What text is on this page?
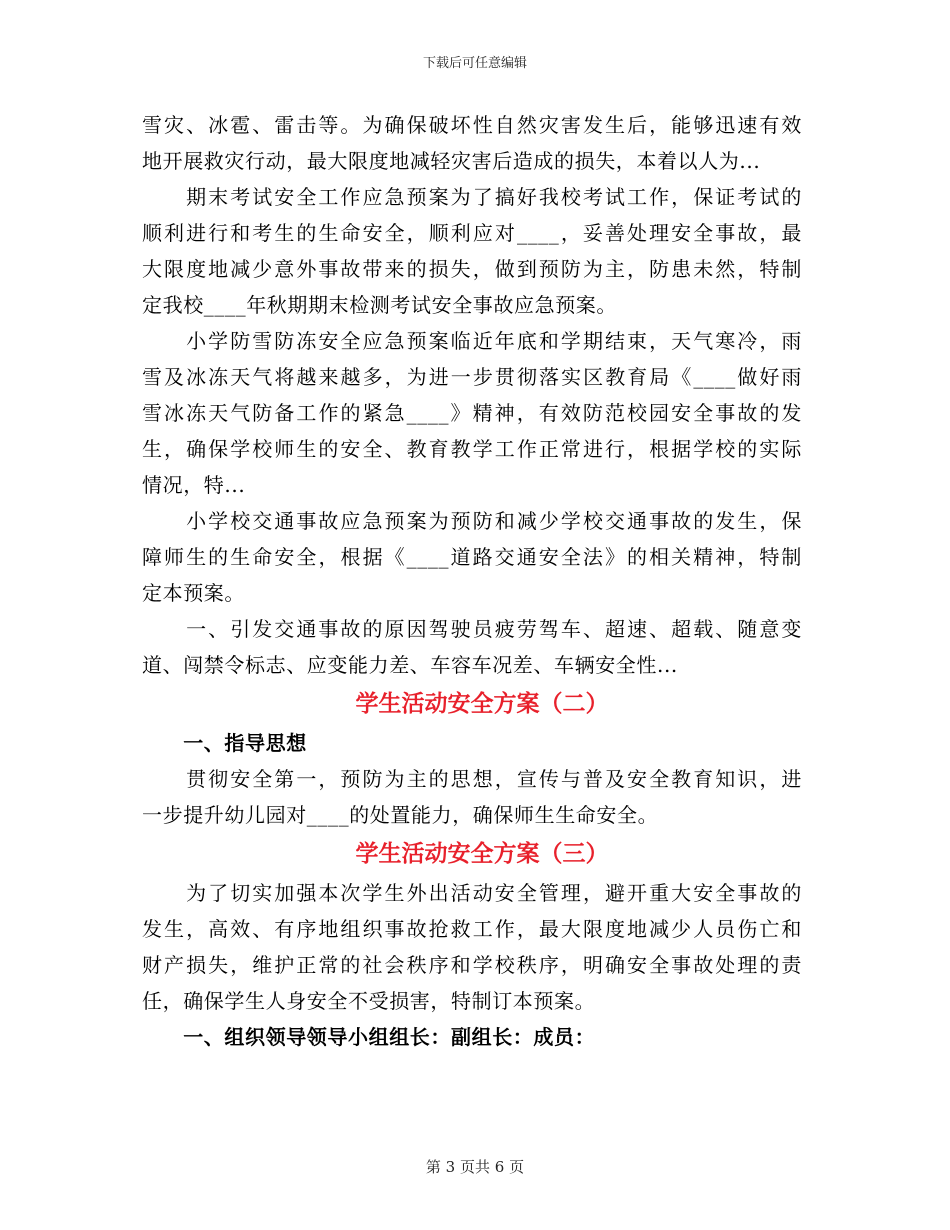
下载后可任意编辑
雪灾、冰雹、雷击等。为确保破坏性自然灾害发生后，能够迅速有效
地开展救灾行动，最大限度地减轻灾害后造成的损失，本着以人为...
　　期末考试安全工作应急预案为了搞好我校考试工作，保证考试的
顺利进行和考生的生命安全，顺利应对____，妥善处理安全事故，最
大限度地减少意外事故带来的损失，做到预防为主，防患未然，特制
定我校____年秋期期末检测考试安全事故应急预案。
　　小学防雪防冻安全应急预案临近年底和学期结束，天气寒冷，雨
雪及冰冻天气将越来越多，为进一步贯彻落实区教育局《____做好雨
雪冰冻天气防备工作的紧急____》精神，有效防范校园安全事故的发
生，确保学校师生的安全、教育教学工作正常进行，根据学校的实际
情况，特...
　　小学校交通事故应急预案为预防和减少学校交通事故的发生，保
障师生的生命安全，根据《____道路交通安全法》的相关精神，特制
定本预案。
　　一、引发交通事故的原因驾驶员疲劳驾车、超速、超载、随意变
道、闯禁令标志、应变能力差、车容车况差、车辆安全性...
学生活动安全方案（二）
　　一、指导思想
　　贯彻安全第一，预防为主的思想，宣传与普及安全教育知识，进
一步提升幼儿园对____的处置能力，确保师生生命安全。
学生活动安全方案（三）
　　为了切实加强本次学生外出活动安全管理，避开重大安全事故的
发生，高效、有序地组织事故抢救工作，最大限度地减少人员伤亡和
财产损失，维护正常的社会秩序和学校秩序，明确安全事故处理的责
任，确保学生人身安全不受损害，特制订本预案。
　　一、组织领导领导小组组长：副组长：成员：
第 3 页共 6 页
